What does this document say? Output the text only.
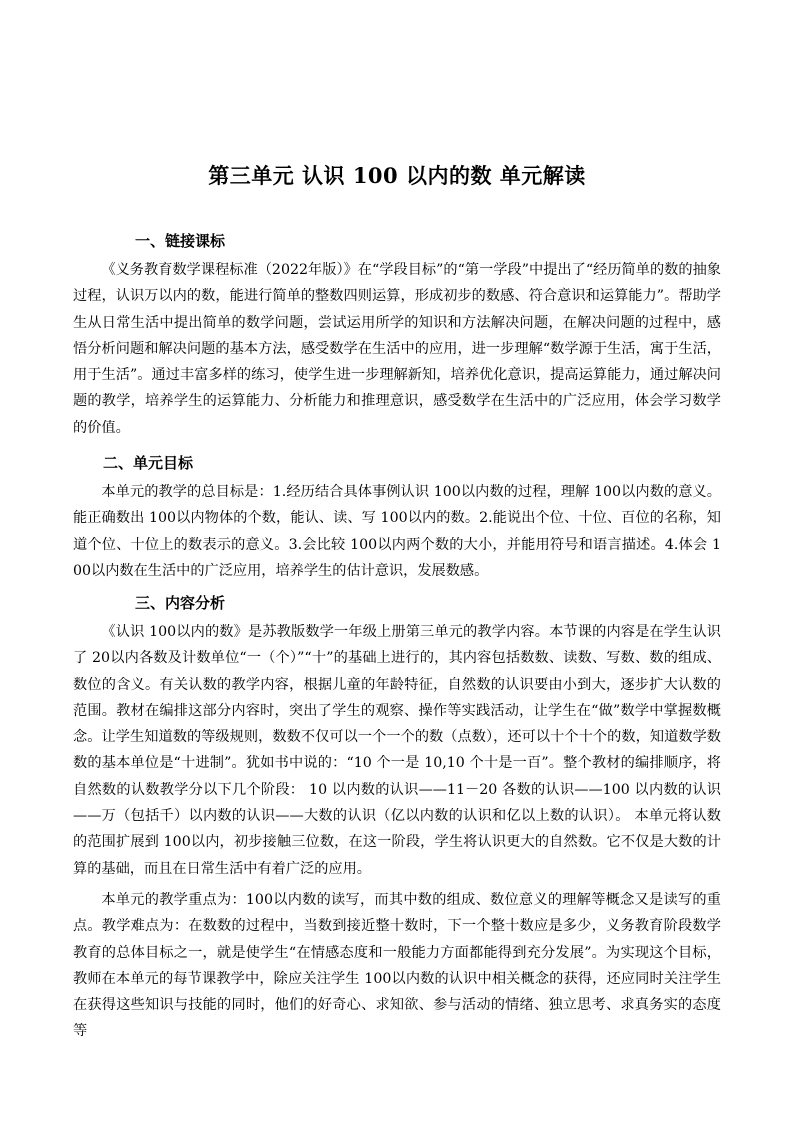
第三单元 认识 100 以内的数 单元解读
一、链接课标
《义务教育数学课程标准（2022年版）》在“学段目标”的“第一学段”中提出了“经历简单的数的抽象过程，认识万以内的数，能进行简单的整数四则运算，形成初步的数感、符合意识和运算能力”。帮助学生从日常生活中提出简单的数学问题，尝试运用所学的知识和方法解决问题，在解决问题的过程中，感悟分析问题和解决问题的基本方法，感受数学在生活中的应用，进一步理解“数学源于生活，寓于生活，用于生活”。通过丰富多样的练习，使学生进一步理解新知，培养优化意识，提高运算能力，通过解决问题的教学，培养学生的运算能力、分析能力和推理意识，感受数学在生活中的广泛应用，体会学习数学的价值。
二、单元目标
本单元的教学的总目标是：1.经历结合具体事例认识 100以内数的过程，理解 100以内数的意义。能正确数出 100以内物体的个数，能认、读、写 100以内的数。2.能说出个位、十位、百位的名称，知道个位、十位上的数表示的意义。3.会比较 100以内两个数的大小，并能用符号和语言描述。4.体会 100以内数在生活中的广泛应用，培养学生的估计意识，发展数感。
三、内容分析
《认识 100以内的数》是苏教版数学一年级上册第三单元的教学内容。本节课的内容是在学生认识了 20以内各数及计数单位“一（个）”“十”的基础上进行的，其内容包括数数、读数、写数、数的组成、数位的含义。有关认数的教学内容，根据儿童的年龄特征，自然数的认识要由小到大，逐步扩大认数的范围。教材在编排这部分内容时，突出了学生的观察、操作等实践活动，让学生在“做”数学中掌握数概念。让学生知道数的等级规则，数数不仅可以一个一个的数（点数），还可以十个十个的数，知道数学数数的基本单位是“十进制”。犹如书中说的：“10 个一是 10,10 个十是一百”。整个教材的编排顺序，将自然数的认数教学分以下几个阶段： 10 以内数的认识——11－20 各数的认识——100 以内数的认识——万（包括千）以内数的认识——大数的认识（亿以内数的认识和亿以上数的认识）。 本单元将认数的范围扩展到 100以内，初步接触三位数，在这一阶段，学生将认识更大的自然数。它不仅是大数的计算的基础，而且在日常生活中有着广泛的应用。
本单元的教学重点为：100以内数的读写，而其中数的组成、数位意义的理解等概念又是读写的重点。教学难点为：在数数的过程中，当数到接近整十数时，下一个整十数应是多少，义务教育阶段数学教育的总体目标之一，就是使学生“在情感态度和一般能力方面都能得到充分发展”。为实现这个目标，教师在本单元的每节课教学中，除应关注学生 100以内数的认识中相关概念的获得，还应同时关注学生在获得这些知识与技能的同时，他们的好奇心、求知欲、参与活动的情绪、独立思考、求真务实的态度等
